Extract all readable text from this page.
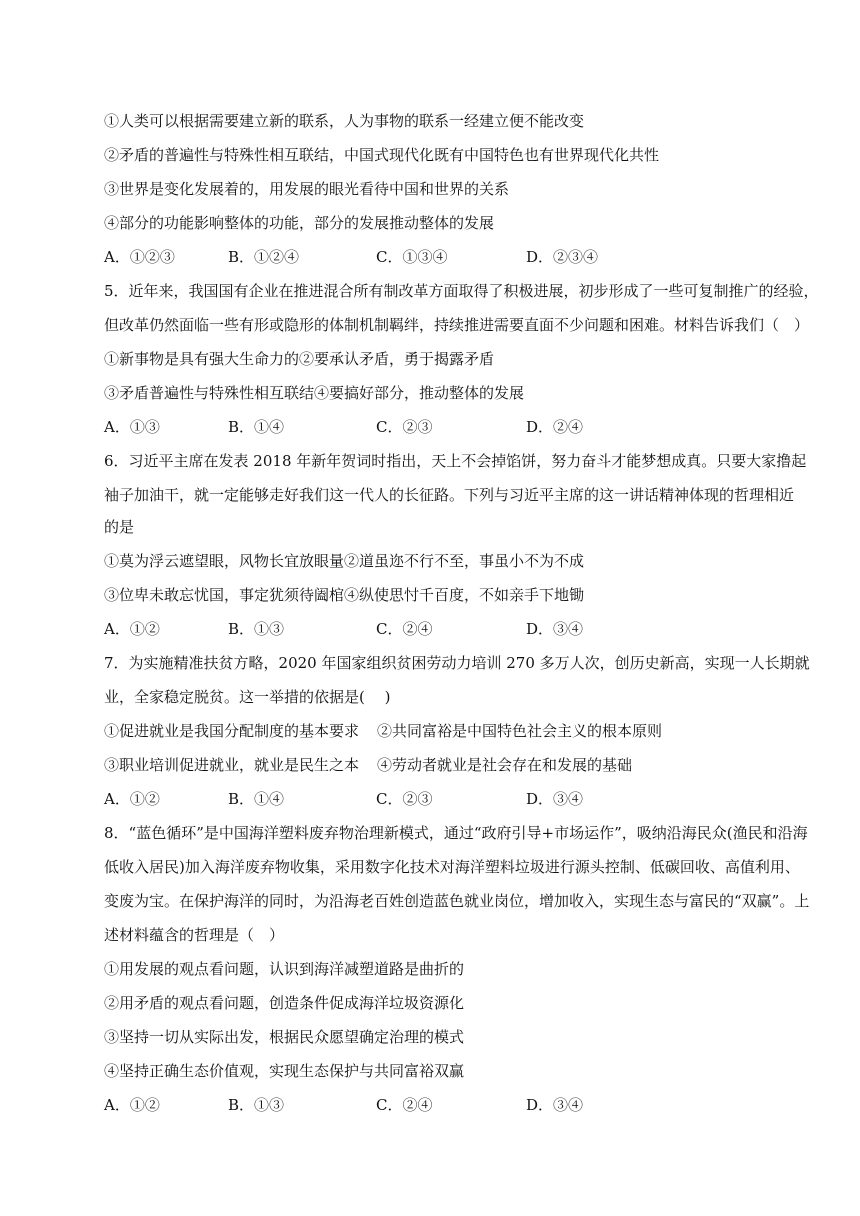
①人类可以根据需要建立新的联系，人为事物的联系一经建立便不能改变
②矛盾的普遍性与特殊性相互联结，中国式现代化既有中国特色也有世界现代化共性
③世界是变化发展着的，用发展的眼光看待中国和世界的关系
④部分的功能影响整体的功能，部分的发展推动整体的发展
A．①②③	B．①②④	C．①③④	D．②③④
5．近年来，我国国有企业在推进混合所有制改革方面取得了积极进展，初步形成了一些可复制推广的经验，
但改革仍然面临一些有形或隐形的体制机制羁绊，持续推进需要直面不少问题和困难。材料告诉我们（　）
①新事物是具有强大生命力的②要承认矛盾，勇于揭露矛盾
③矛盾普遍性与特殊性相互联结④要搞好部分，推动整体的发展
A．①③	B．①④	C．②③	D．②④
6．习近平主席在发表 2018 年新年贺词时指出，天上不会掉馅饼，努力奋斗才能梦想成真。只要大家撸起
袖子加油干，就一定能够走好我们这一代人的长征路。下列与习近平主席的这一讲话精神体现的哲理相近
的是
①莫为浮云遮望眼，风物长宜放眼量②道虽迩不行不至，事虽小不为不成
③位卑未敢忘忧国，事定犹须待阖棺④纵使思忖千百度，不如亲手下地锄
A．①②	B．①③	C．②④	D．③④
7．为实施精准扶贫方略，2020 年国家组织贫困劳动力培训 270 多万人次，创历史新高，实现一人长期就
业，全家稳定脱贫。这一举措的依据是(　 )
①促进就业是我国分配制度的基本要求 ②共同富裕是中国特色社会主义的根本原则
③职业培训促进就业，就业是民生之本 ④劳动者就业是社会存在和发展的基础
A．①②	B．①④	C．②③	D．③④
8．“蓝色循环”是中国海洋塑料废弃物治理新模式，通过“政府引导+市场运作”，吸纳沿海民众(渔民和沿海
低收入居民)加入海洋废弃物收集，采用数字化技术对海洋塑料垃圾进行源头控制、低碳回收、高值利用、
变废为宝。在保护海洋的同时，为沿海老百姓创造蓝色就业岗位，增加收入，实现生态与富民的“双赢”。上
述材料蕴含的哲理是（　）
①用发展的观点看问题，认识到海洋减塑道路是曲折的
②用矛盾的观点看问题，创造条件促成海洋垃圾资源化
③坚持一切从实际出发，根据民众愿望确定治理的模式
④坚持正确生态价值观，实现生态保护与共同富裕双赢
A．①②	B．①③	C．②④	D．③④
